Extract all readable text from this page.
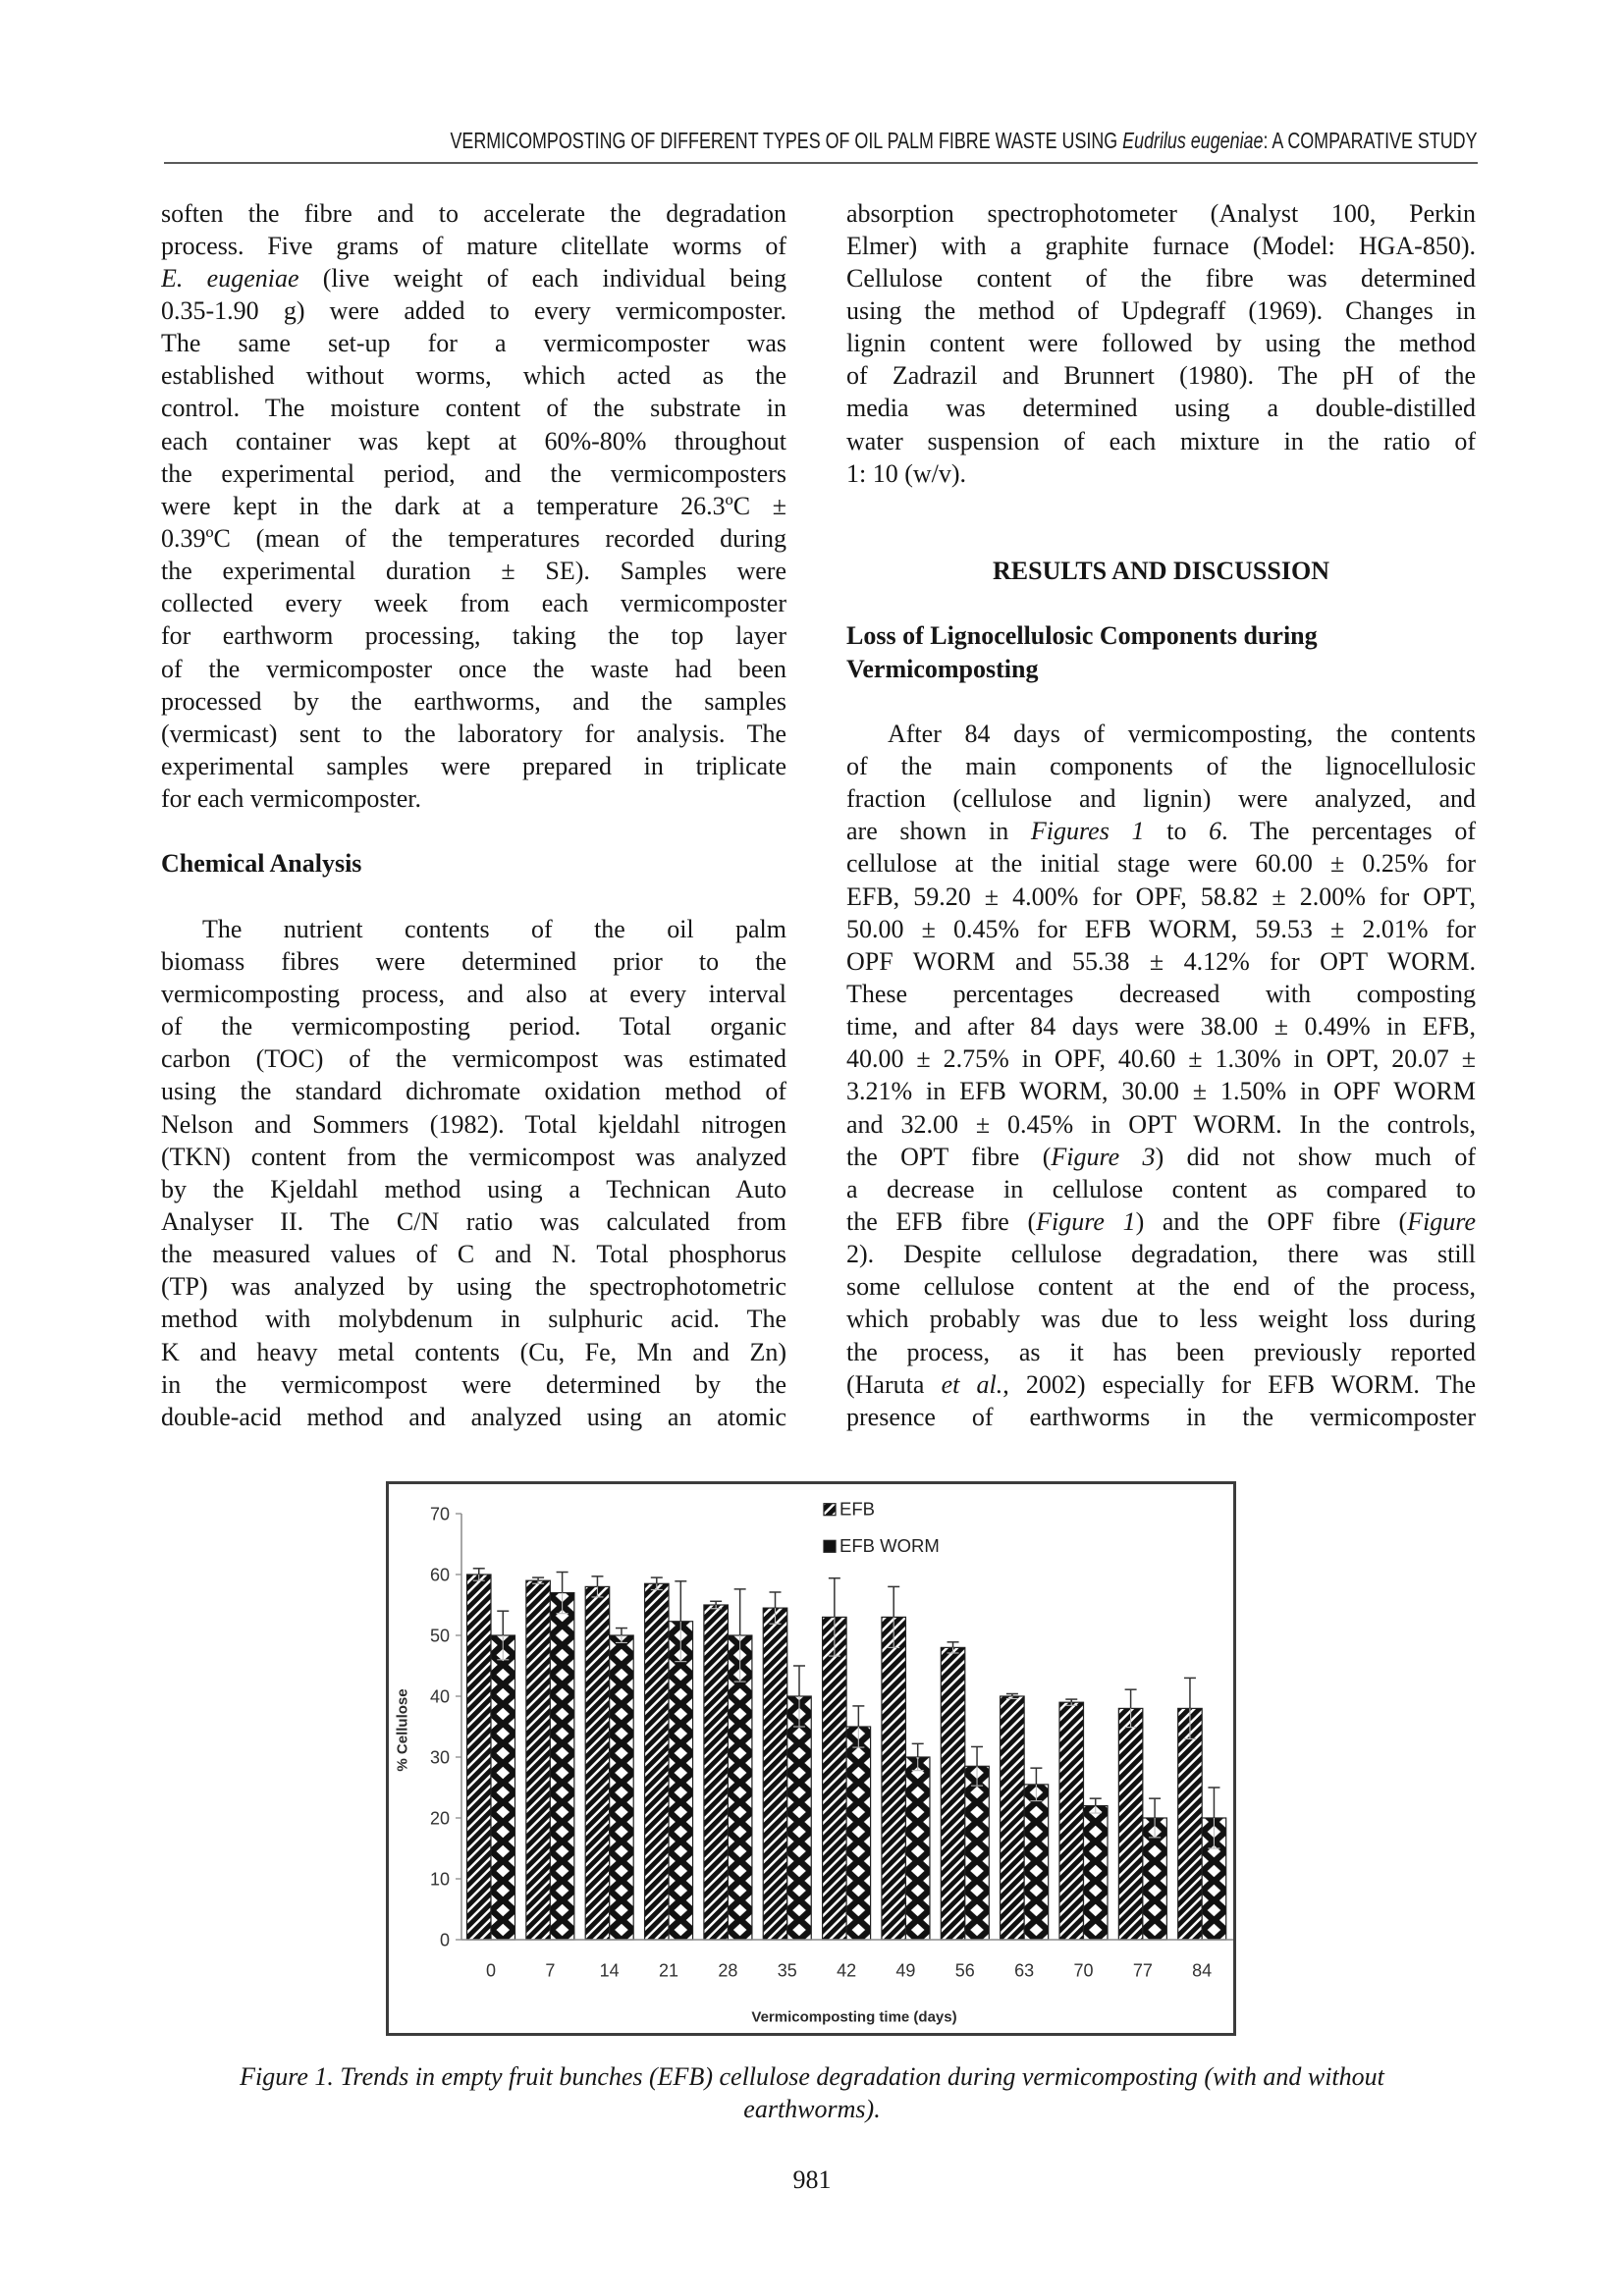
VERMICOMPOSTING OF DIFFERENT TYPES OF OIL PALM FIBRE WASTE USING Eudrilus eugeniae: A COMPARATIVE STUDY
soften the fibre and to accelerate the degradation
process. Five grams of mature clitellate worms of
E. eugeniae (live weight of each individual being
0.35-1.90 g) were added to every vermicomposter.
The same set-up for a vermicomposter was
established without worms, which acted as the
control. The moisture content of the substrate in
each container was kept at 60%-80% throughout
the experimental period, and the vermicomposters
were kept in the dark at a temperature 26.3ºC ±
0.39ºC (mean of the temperatures recorded during
the experimental duration ± SE). Samples were
collected every week from each vermicomposter
for earthworm processing, taking the top layer
of the vermicomposter once the waste had been
processed by the earthworms, and the samples
(vermicast) sent to the laboratory for analysis. The
experimental samples were prepared in triplicate
for each vermicomposter.
Chemical Analysis
The nutrient contents of the oil palm
biomass fibres were determined prior to the
vermicomposting process, and also at every interval
of the vermicomposting period. Total organic
carbon (TOC) of the vermicompost was estimated
using the standard dichromate oxidation method of
Nelson and Sommers (1982). Total kjeldahl nitrogen
(TKN) content from the vermicompost was analyzed
by the Kjeldahl method using a Technican Auto
Analyser II. The C/N ratio was calculated from
the measured values of C and N. Total phosphorus
(TP) was analyzed by using the spectrophotometric
method with molybdenum in sulphuric acid. The
K and heavy metal contents (Cu, Fe, Mn and Zn)
in the vermicompost were determined by the
double-acid method and analyzed using an atomic
absorption spectrophotometer (Analyst 100, Perkin
Elmer) with a graphite furnace (Model: HGA-850).
Cellulose content of the fibre was determined
using the method of Updegraff (1969). Changes in
lignin content were followed by using the method
of Zadrazil and Brunnert (1980). The pH of the
media was determined using a double-distilled
water suspension of each mixture in the ratio of
1: 10 (w/v).
RESULTS AND DISCUSSION
Loss of Lignocellulosic Components during
Vermicomposting
After 84 days of vermicomposting, the contents
of the main components of the lignocellulosic
fraction (cellulose and lignin) were analyzed, and
are shown in Figures 1 to 6. The percentages of
cellulose at the initial stage were 60.00 ± 0.25% for
EFB, 59.20 ± 4.00% for OPF, 58.82 ± 2.00% for OPT,
50.00 ± 0.45% for EFB WORM, 59.53 ± 2.01% for
OPF WORM and 55.38 ± 4.12% for OPT WORM.
These percentages decreased with composting
time, and after 84 days were 38.00 ± 0.49% in EFB,
40.00 ± 2.75% in OPF, 40.60 ± 1.30% in OPT, 20.07 ±
3.21% in EFB WORM, 30.00 ± 1.50% in OPF WORM
and 32.00 ± 0.45% in OPT WORM. In the controls,
the OPT fibre (Figure 3) did not show much of
a decrease in cellulose content as compared to
the EFB fibre (Figure 1) and the OPF fibre (Figure
2). Despite cellulose degradation, there was still
some cellulose content at the end of the process,
which probably was due to less weight loss during
the process, as it has been previously reported
(Haruta et al., 2002) especially for EFB WORM. The
presence of earthworms in the vermicomposter
0	7	14 21 28 35 42 49 56 63 70 77 84
0
10
20
30
40
50
60
70
Vermicomposting time (days)
% Cellulose
EFB
EFB WORM
Figure 1. Trends in empty fruit bunches (EFB) cellulose degradation during vermicomposting (with and without
earthworms).
981
